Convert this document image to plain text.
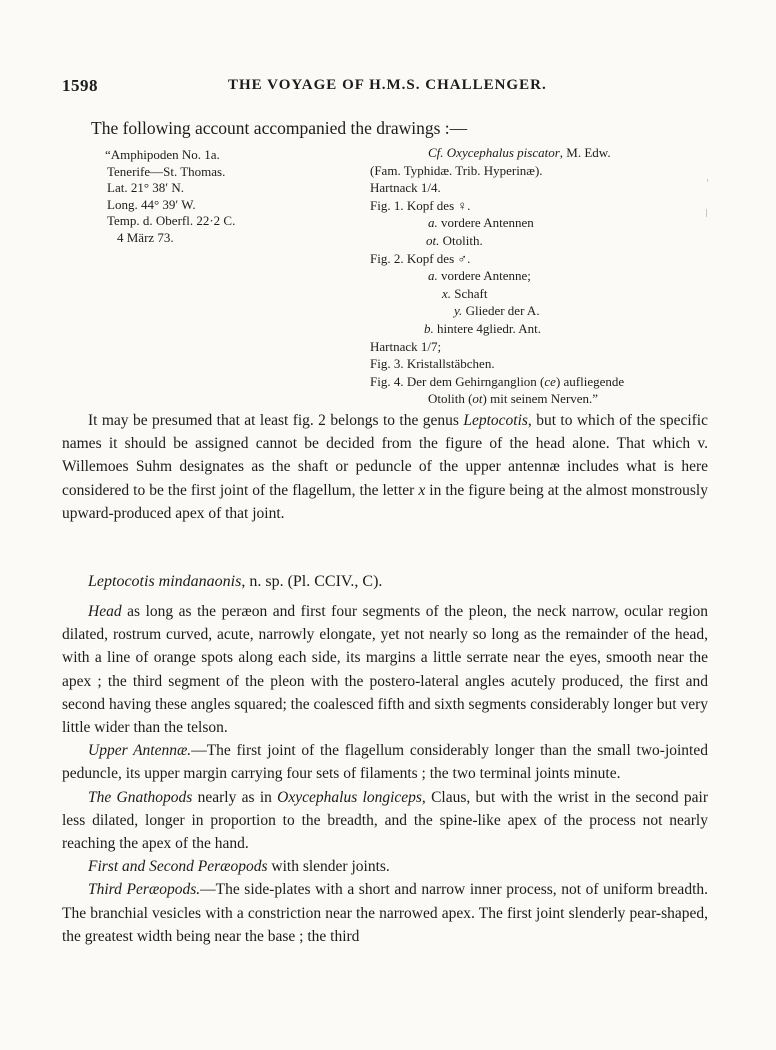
1598	THE VOYAGE OF H.M.S. CHALLENGER.
The following account accompanied the drawings :—
“Amphipoden No. 1a.
Tenerife—St. Thomas.
Lat. 21° 38′ N.
Long. 44° 39′ W.
Temp. d. Oberfl. 22·2 C.
4 März 73.
Cf. Oxycephalus piscator, M. Edw.
(Fam. Typhidæ. Trib. Hyperinæ).
Hartnack 1/4.
Fig. 1. Kopf des ♀.
a. vordere Antennen
ot. Otolith.
Fig. 2. Kopf des ♂.
a. vordere Antenne;
x. Schaft
y. Glieder der A.
b. hintere 4gliedr. Ant.
Hartnack 1/7;
Fig. 3. Kristallstäbchen.
Fig. 4. Der dem Gehirnganglion (ce) aufliegende
Otolith (ot) mit seinem Nerven.”
'
|

It may be presumed that at least fig. 2 belongs to the genus Leptocotis, but to which of the specific names it should be assigned cannot be decided from the figure of the head alone. That which v. Willemoes Suhm designates as the shaft or peduncle of the upper antennæ includes what is here considered to be the first joint of the flagellum, the letter x in the figure being at the almost monstrously upward-produced apex of that joint.

Leptocotis mindanaonis, n. sp. (Pl. CCIV., C).

Head as long as the peræon and first four segments of the pleon, the neck narrow, ocular region dilated, rostrum curved, acute, narrowly elongate, yet not nearly so long as the remainder of the head, with a line of orange spots along each side, its margins a little serrate near the eyes, smooth near the apex ; the third segment of the pleon with the postero-lateral angles acutely produced, the first and second having these angles squared; the coalesced fifth and sixth segments considerably longer but very little wider than the telson.

Upper Antennæ.—The first joint of the flagellum considerably longer than the small two-jointed peduncle, its upper margin carrying four sets of filaments ; the two terminal joints minute.

The Gnathopods nearly as in Oxycephalus longiceps, Claus, but with the wrist in the second pair less dilated, longer in proportion to the breadth, and the spine-like apex of the process not nearly reaching the apex of the hand.

First and Second Peræopods with slender joints.

Third Peræopods.—The side-plates with a short and narrow inner process, not of uniform breadth. The branchial vesicles with a constriction near the narrowed apex. The first joint slenderly pear-shaped, the greatest width being near the base ; the third
